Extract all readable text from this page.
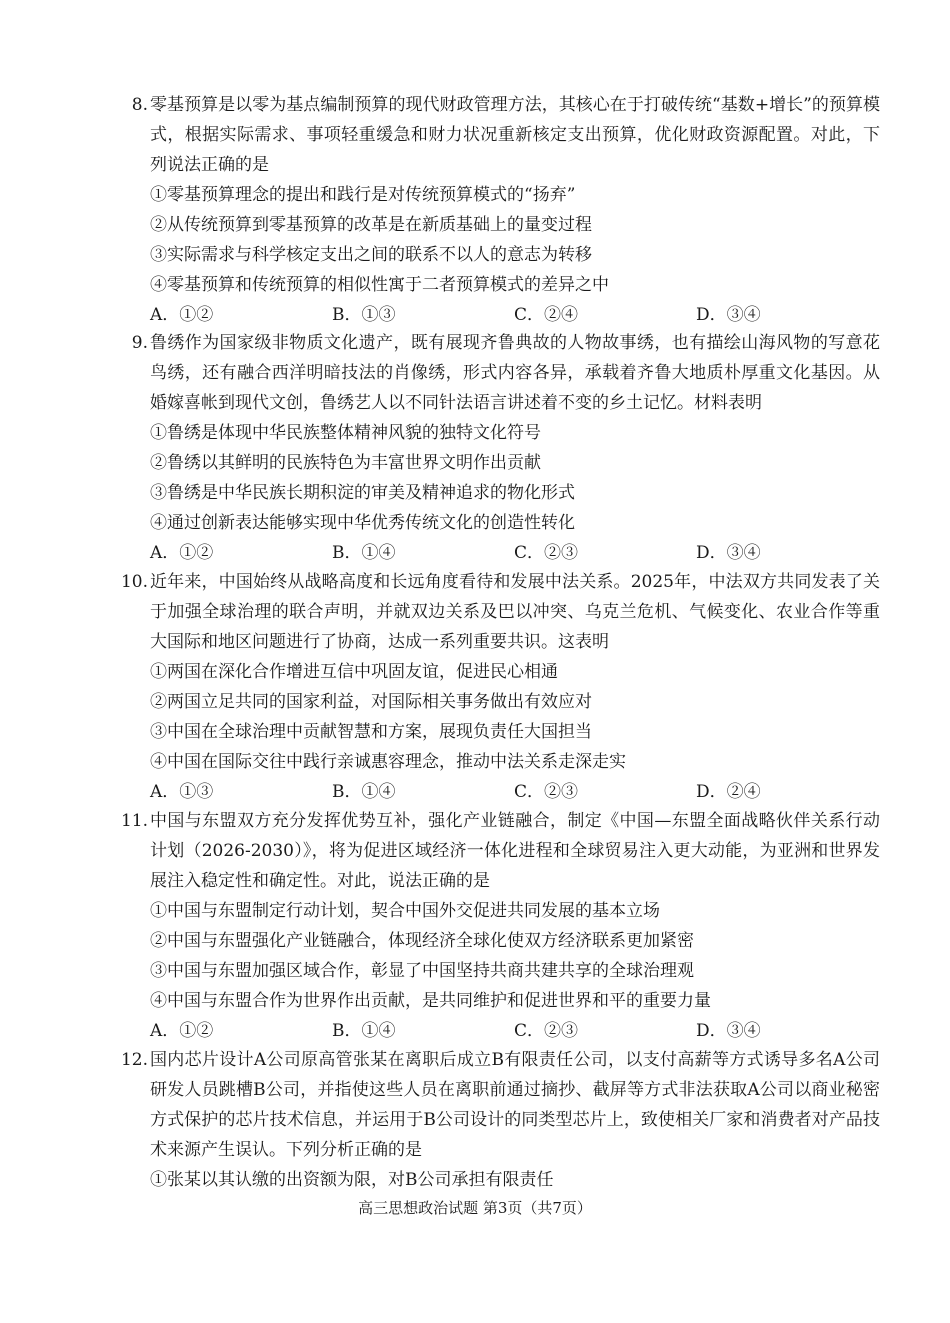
8. 零基预算是以零为基点编制预算的现代财政管理方法，其核心在于打破传统“基数+增长”的预算模式，根据实际需求、事项轻重缓急和财力状况重新核定支出预算，优化财政资源配置。对此，下列说法正确的是
①零基预算理念的提出和践行是对传统预算模式的“扬弃”
②从传统预算到零基预算的改革是在新质基础上的量变过程
③实际需求与科学核定支出之间的联系不以人的意志为转移
④零基预算和传统预算的相似性寓于二者预算模式的差异之中
A．①②	B．①③	C．②④	D．③④
9. 鲁绣作为国家级非物质文化遗产，既有展现齐鲁典故的人物故事绣，也有描绘山海风物的写意花鸟绣，还有融合西洋明暗技法的肖像绣，形式内容各异，承载着齐鲁大地质朴厚重文化基因。从婚嫁喜帐到现代文创，鲁绣艺人以不同针法语言讲述着不变的乡土记忆。材料表明
①鲁绣是体现中华民族整体精神风貌的独特文化符号
②鲁绣以其鲜明的民族特色为丰富世界文明作出贡献
③鲁绣是中华民族长期积淀的审美及精神追求的物化形式
④通过创新表达能够实现中华优秀传统文化的创造性转化
A．①②	B．①④	C．②③	D．③④
10. 近年来，中国始终从战略高度和长远角度看待和发展中法关系。2025年，中法双方共同发表了关于加强全球治理的联合声明，并就双边关系及巴以冲突、乌克兰危机、气候变化、农业合作等重大国际和地区问题进行了协商，达成一系列重要共识。这表明
①两国在深化合作增进互信中巩固友谊，促进民心相通
②两国立足共同的国家利益，对国际相关事务做出有效应对
③中国在全球治理中贡献智慧和方案，展现负责任大国担当
④中国在国际交往中践行亲诚惠容理念，推动中法关系走深走实
A．①③	B．①④	C．②③	D．②④
11. 中国与东盟双方充分发挥优势互补，强化产业链融合，制定《中国—东盟全面战略伙伴关系行动计划（2026-2030）》，将为促进区域经济一体化进程和全球贸易注入更大动能，为亚洲和世界发展注入稳定性和确定性。对此，说法正确的是
①中国与东盟制定行动计划，契合中国外交促进共同发展的基本立场
②中国与东盟强化产业链融合，体现经济全球化使双方经济联系更加紧密
③中国与东盟加强区域合作，彰显了中国坚持共商共建共享的全球治理观
④中国与东盟合作为世界作出贡献，是共同维护和促进世界和平的重要力量
A．①②	B．①④	C．②③	D．③④
12. 国内芯片设计A公司原高管张某在离职后成立B有限责任公司，以支付高薪等方式诱导多名A公司研发人员跳槽B公司，并指使这些人员在离职前通过摘抄、截屏等方式非法获取A公司以商业秘密方式保护的芯片技术信息，并运用于B公司设计的同类型芯片上，致使相关厂家和消费者对产品技术来源产生误认。下列分析正确的是
①张某以其认缴的出资额为限，对B公司承担有限责任
高三思想政治试题 第3页（共7页）
